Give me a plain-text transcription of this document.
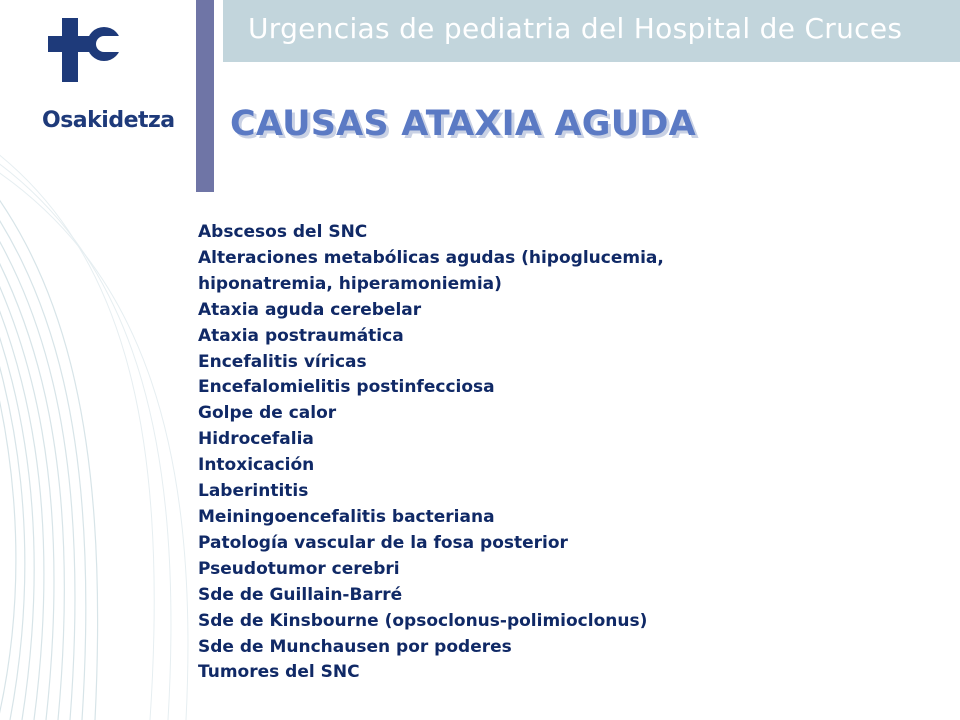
Osakidetza
Urgencias de pediatria del Hospital de Cruces
CAUSAS ATAXIA AGUDA
Abscesos del SNC
Alteraciones metabólicas agudas (hipoglucemia,
hiponatremia, hiperamoniemia)
Ataxia aguda cerebelar
Ataxia postraumática
Encefalitis víricas
Encefalomielitis postinfecciosa
Golpe de calor
Hidrocefalia
Intoxicación
Laberintitis
Meiningoencefalitis bacteriana
Patología vascular de la fosa posterior
Pseudotumor cerebri
Sde de Guillain-Barré
Sde de Kinsbourne (opsoclonus-polimioclonus)
Sde de Munchausen por poderes
Tumores del SNC
